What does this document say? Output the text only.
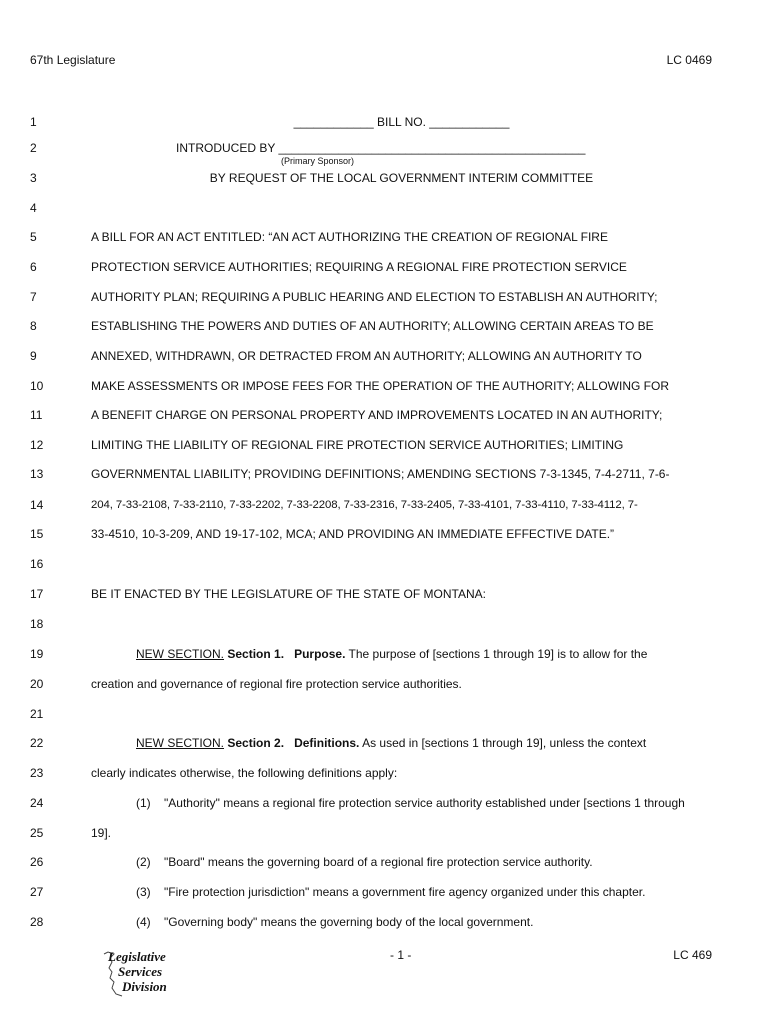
67th Legislature	LC 0469
1	____________ BILL NO. ____________
2	INTRODUCED BY ______________________________________________
(Primary Sponsor)
3	BY REQUEST OF THE LOCAL GOVERNMENT INTERIM COMMITTEE
4
5	A BILL FOR AN ACT ENTITLED: “AN ACT AUTHORIZING THE CREATION OF REGIONAL FIRE
6	PROTECTION SERVICE AUTHORITIES; REQUIRING A REGIONAL FIRE PROTECTION SERVICE
7	AUTHORITY PLAN; REQUIRING A PUBLIC HEARING AND ELECTION TO ESTABLISH AN AUTHORITY;
8	ESTABLISHING THE POWERS AND DUTIES OF AN AUTHORITY; ALLOWING CERTAIN AREAS TO BE
9	ANNEXED, WITHDRAWN, OR DETRACTED FROM AN AUTHORITY; ALLOWING AN AUTHORITY TO
10	MAKE ASSESSMENTS OR IMPOSE FEES FOR THE OPERATION OF THE AUTHORITY; ALLOWING FOR
11	A BENEFIT CHARGE ON PERSONAL PROPERTY AND IMPROVEMENTS LOCATED IN AN AUTHORITY;
12	LIMITING THE LIABILITY OF REGIONAL FIRE PROTECTION SERVICE AUTHORITIES; LIMITING
13	GOVERNMENTAL LIABILITY; PROVIDING DEFINITIONS; AMENDING SECTIONS 7-3-1345, 7-4-2711, 7-6-
14	204, 7-33-2108, 7-33-2110, 7-33-2202, 7-33-2208, 7-33-2316, 7-33-2405, 7-33-4101, 7-33-4110, 7-33-4112, 7-
15	33-4510, 10-3-209, AND 19-17-102, MCA; AND PROVIDING AN IMMEDIATE EFFECTIVE DATE.”
16
17	BE IT ENACTED BY THE LEGISLATURE OF THE STATE OF MONTANA:
18
19	NEW SECTION. Section 1. Purpose. The purpose of [sections 1 through 19] is to allow for the
20	creation and governance of regional fire protection service authorities.
21
22	NEW SECTION. Section 2. Definitions. As used in [sections 1 through 19], unless the context
23	clearly indicates otherwise, the following definitions apply:
24	(1) "Authority" means a regional fire protection service authority established under [sections 1 through
25	19].
26	(2) "Board" means the governing board of a regional fire protection service authority.
27	(3) "Fire protection jurisdiction" means a government fire agency organized under this chapter.
28	(4) "Governing body" means the governing body of the local government.
Legislative
Services
Division
- 1 -	LC 469
